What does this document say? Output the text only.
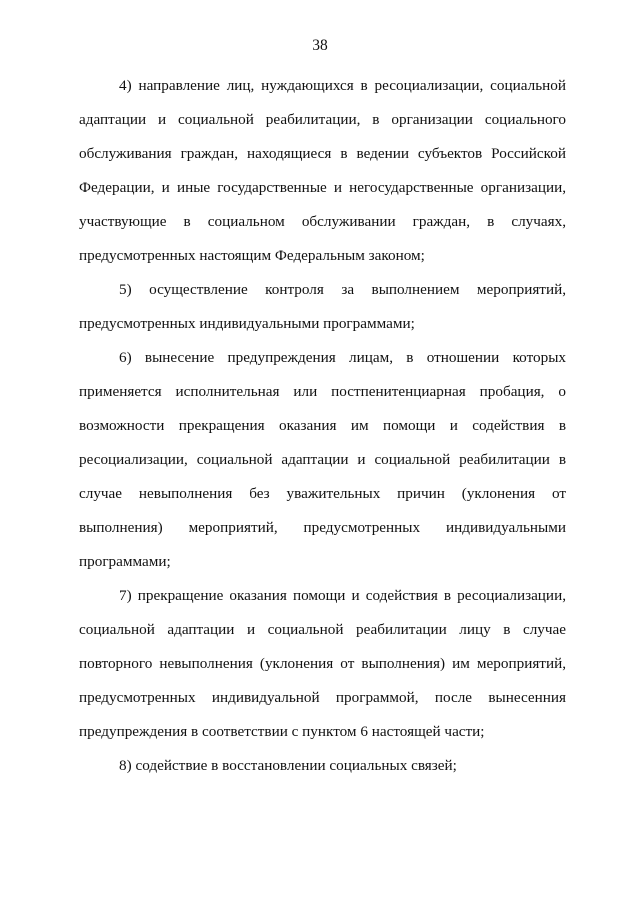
38

4) направление лиц, нуждающихся в ресоциализации, социальной адаптации и социальной реабилитации, в организации социального обслуживания граждан, находящиеся в ведении субъектов Российской Федерации, и иные государственные и негосударственные организации, участвующие в социальном обслуживании граждан, в случаях, предусмотренных настоящим Федеральным законом;

5) осуществление контроля за выполнением мероприятий, предусмотренных индивидуальными программами;

6) вынесение предупреждения лицам, в отношении которых применяется исполнительная или постпенитенциарная пробация, о возможности прекращения оказания им помощи и содействия в ресоциализации, социальной адаптации и социальной реабилитации в случае невыполнения без уважительных причин (уклонения от выполнения) мероприятий, предусмотренных индивидуальными программами;

7) прекращение оказания помощи и содействия в ресоциализации, социальной адаптации и социальной реабилитации лицу в случае повторного невыполнения (уклонения от выполнения) им мероприятий, предусмотренных индивидуальной программой, после вынесенния предупреждения в соответствии с пунктом 6 настоящей части;

8) содействие в восстановлении социальных связей;
